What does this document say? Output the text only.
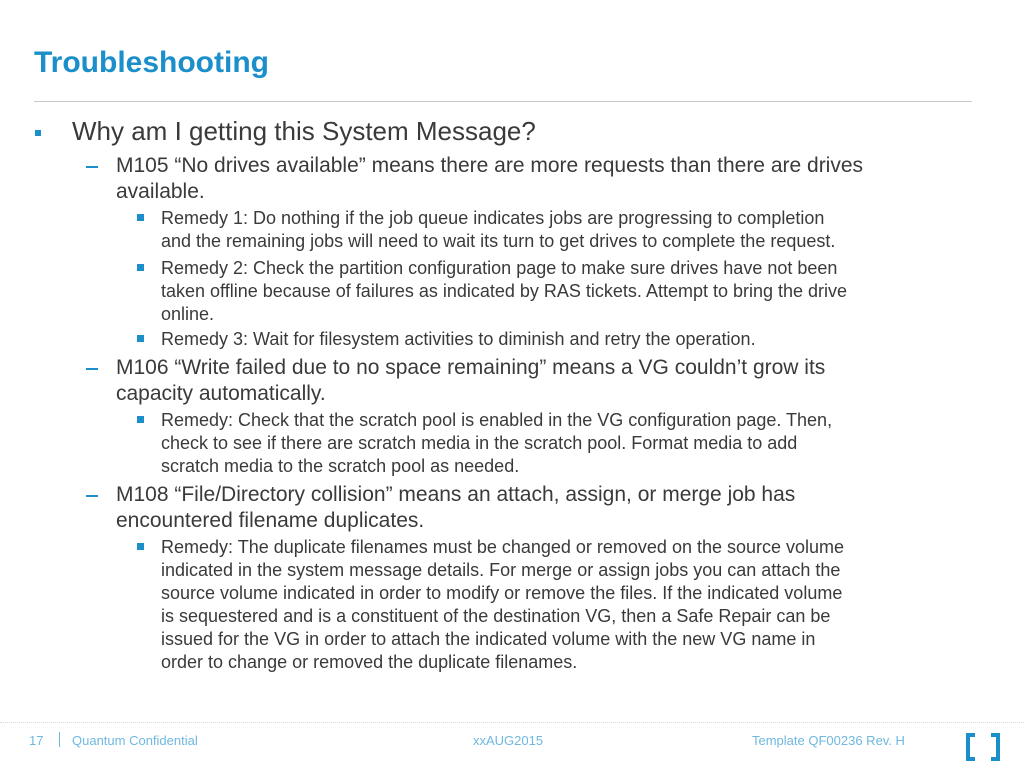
Troubleshooting
Why am I getting this System Message?
M105 “No drives available” means there are more requests than there are drives
available.
Remedy 1: Do nothing if the job queue indicates jobs are progressing to completion
and the remaining jobs will need to wait its turn to get drives to complete the request.
Remedy 2: Check the partition configuration page to make sure drives have not been
taken offline because of failures as indicated by RAS tickets. Attempt to bring the drive
online.
Remedy 3: Wait for filesystem activities to diminish and retry the operation.
M106 “Write failed due to no space remaining” means a VG couldn’t grow its
capacity automatically.
Remedy: Check that the scratch pool is enabled in the VG configuration page. Then,
check to see if there are scratch media in the scratch pool. Format media to add
scratch media to the scratch pool as needed.
M108 “File/Directory collision” means an attach, assign, or merge job has
encountered filename duplicates.
Remedy: The duplicate filenames must be changed or removed on the source volume
indicated in the system message details. For merge or assign jobs you can attach the
source volume indicated in order to modify or remove the files. If the indicated volume
is sequestered and is a constituent of the destination VG, then a Safe Repair can be
issued for the VG in order to attach the indicated volume with the new VG name in
order to change or removed the duplicate filenames.
17 Quantum Confidential	xxAUG2015	Template QF00236 Rev. H
